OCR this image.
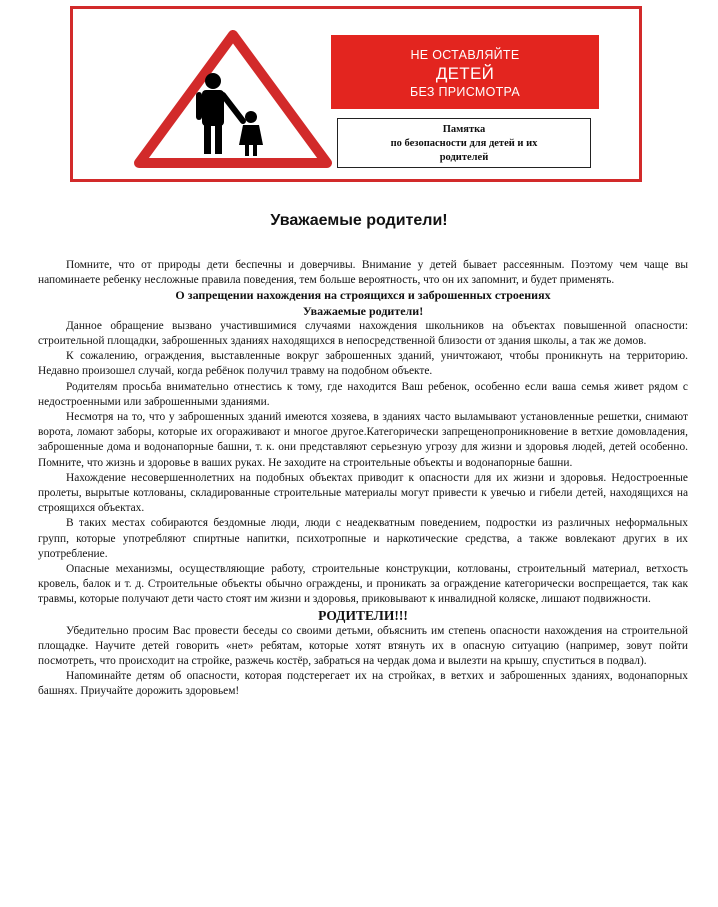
НЕ ОСТАВЛЯЙТЕ
ДЕТЕЙ
БЕЗ ПРИСМОТРА
Памятка
по безопасности для детей и их
родителей
Уважаемые родители!

Помните, что от природы дети беспечны и доверчивы. Внимание у детей бывает рассеянным. Поэтому чем чаще вы напоминаете ребенку несложные правила поведения, тем больше вероятность, что он их запомнит, и будет применять.

О запрещении нахождения на строящихся и заброшенных строениях

Уважаемые родители!

Данное обращение вызвано участившимися случаями нахождения школьников на объектах повышенной опасности: строительной площадки, заброшенных зданиях находящихся в непосредственной близости от здания школы, а так же домов.

К сожалению, ограждения, выставленные вокруг заброшенных зданий, уничтожают, чтобы проникнуть на территорию. Недавно произошел случай, когда ребёнок получил травму на подобном объекте.

Родителям просьба внимательно отнестись к тому, где находится Ваш ребенок, особенно если ваша семья живет рядом с недостроенными или заброшенными зданиями.

Несмотря на то, что у заброшенных зданий имеются хозяева, в зданиях часто выламывают установленные решетки, снимают ворота, ломают заборы, которые их огораживают и многое другое.Категорически запрещенопроникновение в ветхие домовладения, заброшенные дома и водонапорные башни, т. к. они представляют серьезную угрозу для жизни и здоровья людей, детей особенно. Помните, что жизнь и здоровье в ваших руках. Не заходите на строительные объекты и водонапорные башни.

Нахождение несовершеннолетних на подобных объектах приводит к опасности для их жизни и здоровья. Недостроенные пролеты, вырытые котлованы, складированные строительные материалы могут привести к увечью и гибели детей, находящихся на строящихся объектах.

В таких местах собираются бездомные люди, люди с неадекватным поведением, подростки из различных неформальных групп, которые употребляют спиртные напитки, психотропные и наркотические средства, а также вовлекают других в их употребление.

Опасные механизмы, осуществляющие работу, строительные конструкции, котлованы, строительный материал, ветхость кровель, балок и т. д. Строительные объекты обычно ограждены, и проникать за ограждение категорически воспрещается, так как травмы, которые получают дети часто стоят им жизни и здоровья, приковывают к инвалидной коляске, лишают подвижности.

РОДИТЕЛИ!!!

Убедительно просим Вас провести беседы со своими детьми, объяснить им степень опасности нахождения на строительной площадке. Научите детей говорить «нет» ребятам, которые хотят втянуть их в опасную ситуацию (например, зовут пойти посмотреть, что происходит на стройке, разжечь костёр, забраться на чердак дома и вылезти на крышу, спуститься в подвал).

Напоминайте детям об опасности, которая подстерегает их на стройках, в ветхих и заброшенных зданиях, водонапорных башнях. Приучайте дорожить здоровьем!
